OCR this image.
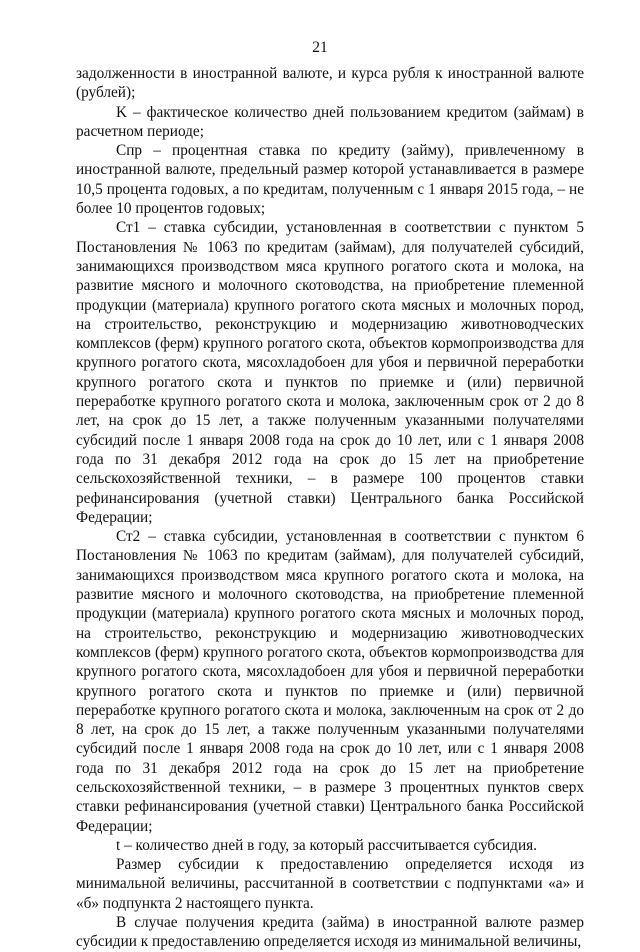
21

задолженности в иностранной валюте, и курса рубля к иностранной валюте (рублей);

K – фактическое количество дней пользованием кредитом (займам) в расчетном периоде;

Спр – процентная ставка по кредиту (займу), привлеченному в иностранной валюте, предельный размер которой устанавливается в размере 10,5 процента годовых, а по кредитам, полученным с 1 января 2015 года, – не более 10 процентов годовых;

Ст1 – ставка субсидии, установленная в соответствии с пунктом 5 Постановления № 1063 по кредитам (займам), для получателей субсидий, занимающихся производством мяса крупного рогатого скота и молока, на развитие мясного и молочного скотоводства, на приобретение племенной продукции (материала) крупного рогатого скота мясных и молочных пород, на строительство, реконструкцию и модернизацию животноводческих комплексов (ферм) крупного рогатого скота, объектов кормопроизводства для крупного рогатого скота, мясохладобоен для убоя и первичной переработки крупного рогатого скота и пунктов по приемке и (или) первичной переработке крупного рогатого скота и молока, заключенным срок от 2 до 8 лет, на срок до 15 лет, а также полученным указанными получателями субсидий после 1 января 2008 года на срок до 10 лет, или с 1 января 2008 года по 31 декабря 2012 года на срок до 15 лет на приобретение сельскохозяйственной техники, – в размере 100 процентов ставки рефинансирования (учетной ставки) Центрального банка Российской Федерации;

Ст2 – ставка субсидии, установленная в соответствии с пунктом 6 Постановления № 1063 по кредитам (займам), для получателей субсидий, занимающихся производством мяса крупного рогатого скота и молока, на развитие мясного и молочного скотоводства, на приобретение племенной продукции (материала) крупного рогатого скота мясных и молочных пород, на строительство, реконструкцию и модернизацию животноводческих комплексов (ферм) крупного рогатого скота, объектов кормопроизводства для крупного рогатого скота, мясохладобоен для убоя и первичной переработки крупного рогатого скота и пунктов по приемке и (или) первичной переработке крупного рогатого скота и молока, заключенным на срок от 2 до 8 лет, на срок до 15 лет, а также полученным указанными получателями субсидий после 1 января 2008 года на срок до 10 лет, или с 1 января 2008 года по 31 декабря 2012 года на срок до 15 лет на приобретение сельскохозяйственной техники, – в размере 3 процентных пунктов сверх ставки рефинансирования (учетной ставки) Центрального банка Российской Федерации;

t – количество дней в году, за который рассчитывается субсидия.

Размер субсидии к предоставлению определяется исходя из минимальной величины, рассчитанной в соответствии с подпунктами «а» и «б» подпункта 2 настоящего пункта.

В случае получения кредита (займа) в иностранной валюте размер субсидии к предоставлению определяется исходя из минимальной величины,
